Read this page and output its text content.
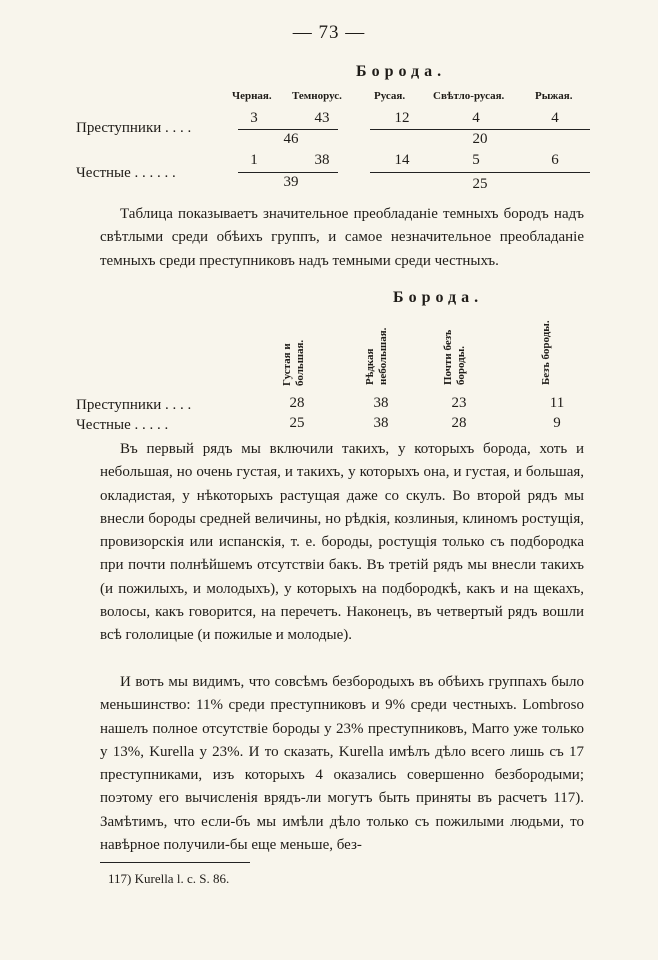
— 73 —
Борода.
Черная. Темнорус.	Русая.	Свѣтло-русая.	Рыжая.
Преступники . . . .
3	43	12	4	4
46	20
Честные . . . . . .
1	38	14	5	6
39	25

Таблица показываетъ значительное преобладаніе темныхъ бородъ надъ свѣтлыми среди обѣихъ группъ, и самое незначительное преобладаніе темныхъ среди преступниковъ надъ темными среди честныхъ.

Борода.
Густая и большая.	Рѣдкая небольшая.	Почти безъ бороды.	Безъ бороды.
Преступники . . . .	28	38	23	11
Честные . . . . .	25	38	28	9

Въ первый рядъ мы включили такихъ, у которыхъ борода, хоть и небольшая, но очень густая, и такихъ, у которыхъ она, и густая, и большая, окладистая, у нѣкоторыхъ растущая даже со скулъ. Во второй рядъ мы внесли бороды средней величины, но рѣдкія, козлиныя, клиномъ ростущія, провизорскія или испанскія, т. е. бороды, ростущія только съ подбородка при почти полнѣйшемъ отсутствіи бакъ. Въ третій рядъ мы внесли такихъ (и пожилыхъ, и молодыхъ), у которыхъ на подбородкѣ, какъ и на щекахъ, волосы, какъ говорится, на перечетъ. Наконецъ, въ четвертый рядъ вошли всѣ гололицые (и пожилые и молодые).

И вотъ мы видимъ, что совсѣмъ безбородыхъ въ обѣихъ группахъ было меньшинство: 11% среди преступниковъ и 9% среди честныхъ. Lombroso нашелъ полное отсутствіе бороды у 23% преступниковъ, Marro уже только у 13%, Kurella у 23%. И то сказать, Kurella имѣлъ дѣло всего лишь съ 17 преступниками, изъ которыхъ 4 оказались совершенно безбородыми; поэтому его вычисленія врядъ-ли могутъ быть приняты въ расчетъ 117). Замѣтимъ, что если-бъ мы имѣли дѣло только съ пожилыми людьми, то навѣрное получили-бы еще меньше, без-

117) Kurella l. c. S. 86.
